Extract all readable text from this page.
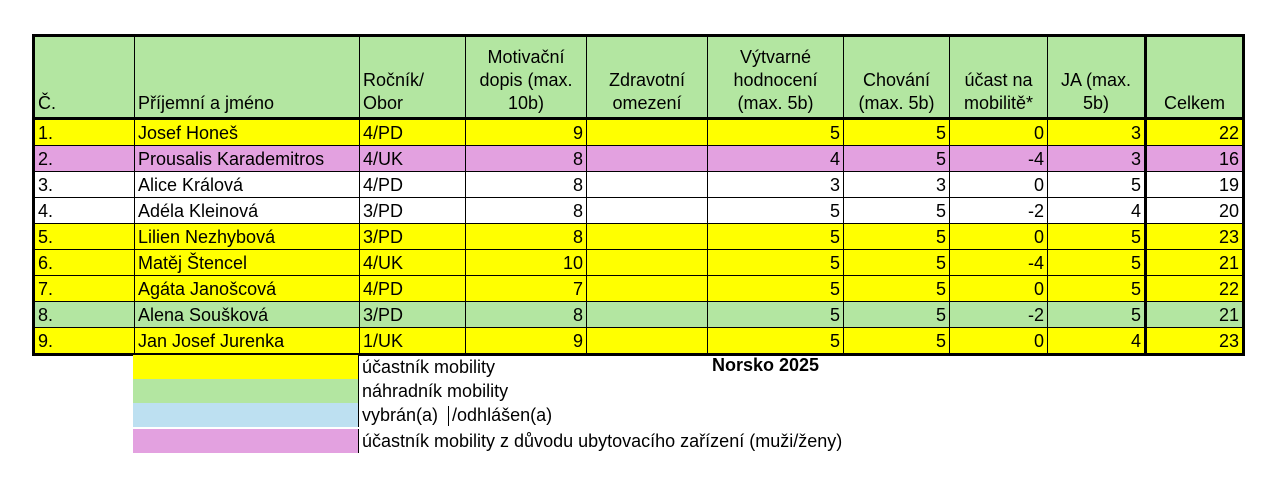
Č.	Příjemní a jméno	Ročník/ Obor	Motivační dopis (max. 10b)	Zdravotní omezení	Výtvarné hodnocení (max. 5b)	Chování (max. 5b)	účast na mobilitě*	JA (max. 5b)	Celkem
1.	Josef Honeš	4/PD	9		5	5	0	3	22
2.	Prousalis Karademitros	4/UK	8		4	5	-4	3	16
3.	Alice Králová	4/PD	8		3	3	0	5	19
4.	Adéla Kleinová	3/PD	8		5	5	-2	4	20
5.	Lilien Nezhybová	3/PD	8		5	5	0	5	23
6.	Matěj Štencel	4/UK	10		5	5	-4	5	21
7.	Agáta Janošcová	4/PD	7		5	5	0	5	22
8.	Alena Soušková	3/PD	8		5	5	-2	5	21
9.	Jan Josef Jurenka	1/UK	9		5	5	0	4	23
účastník mobility
náhradník mobility
vybrán(a) /odhlášen(a)
účastník mobility z důvodu ubytovacího zařízení (muži/ženy)
Norsko 2025
